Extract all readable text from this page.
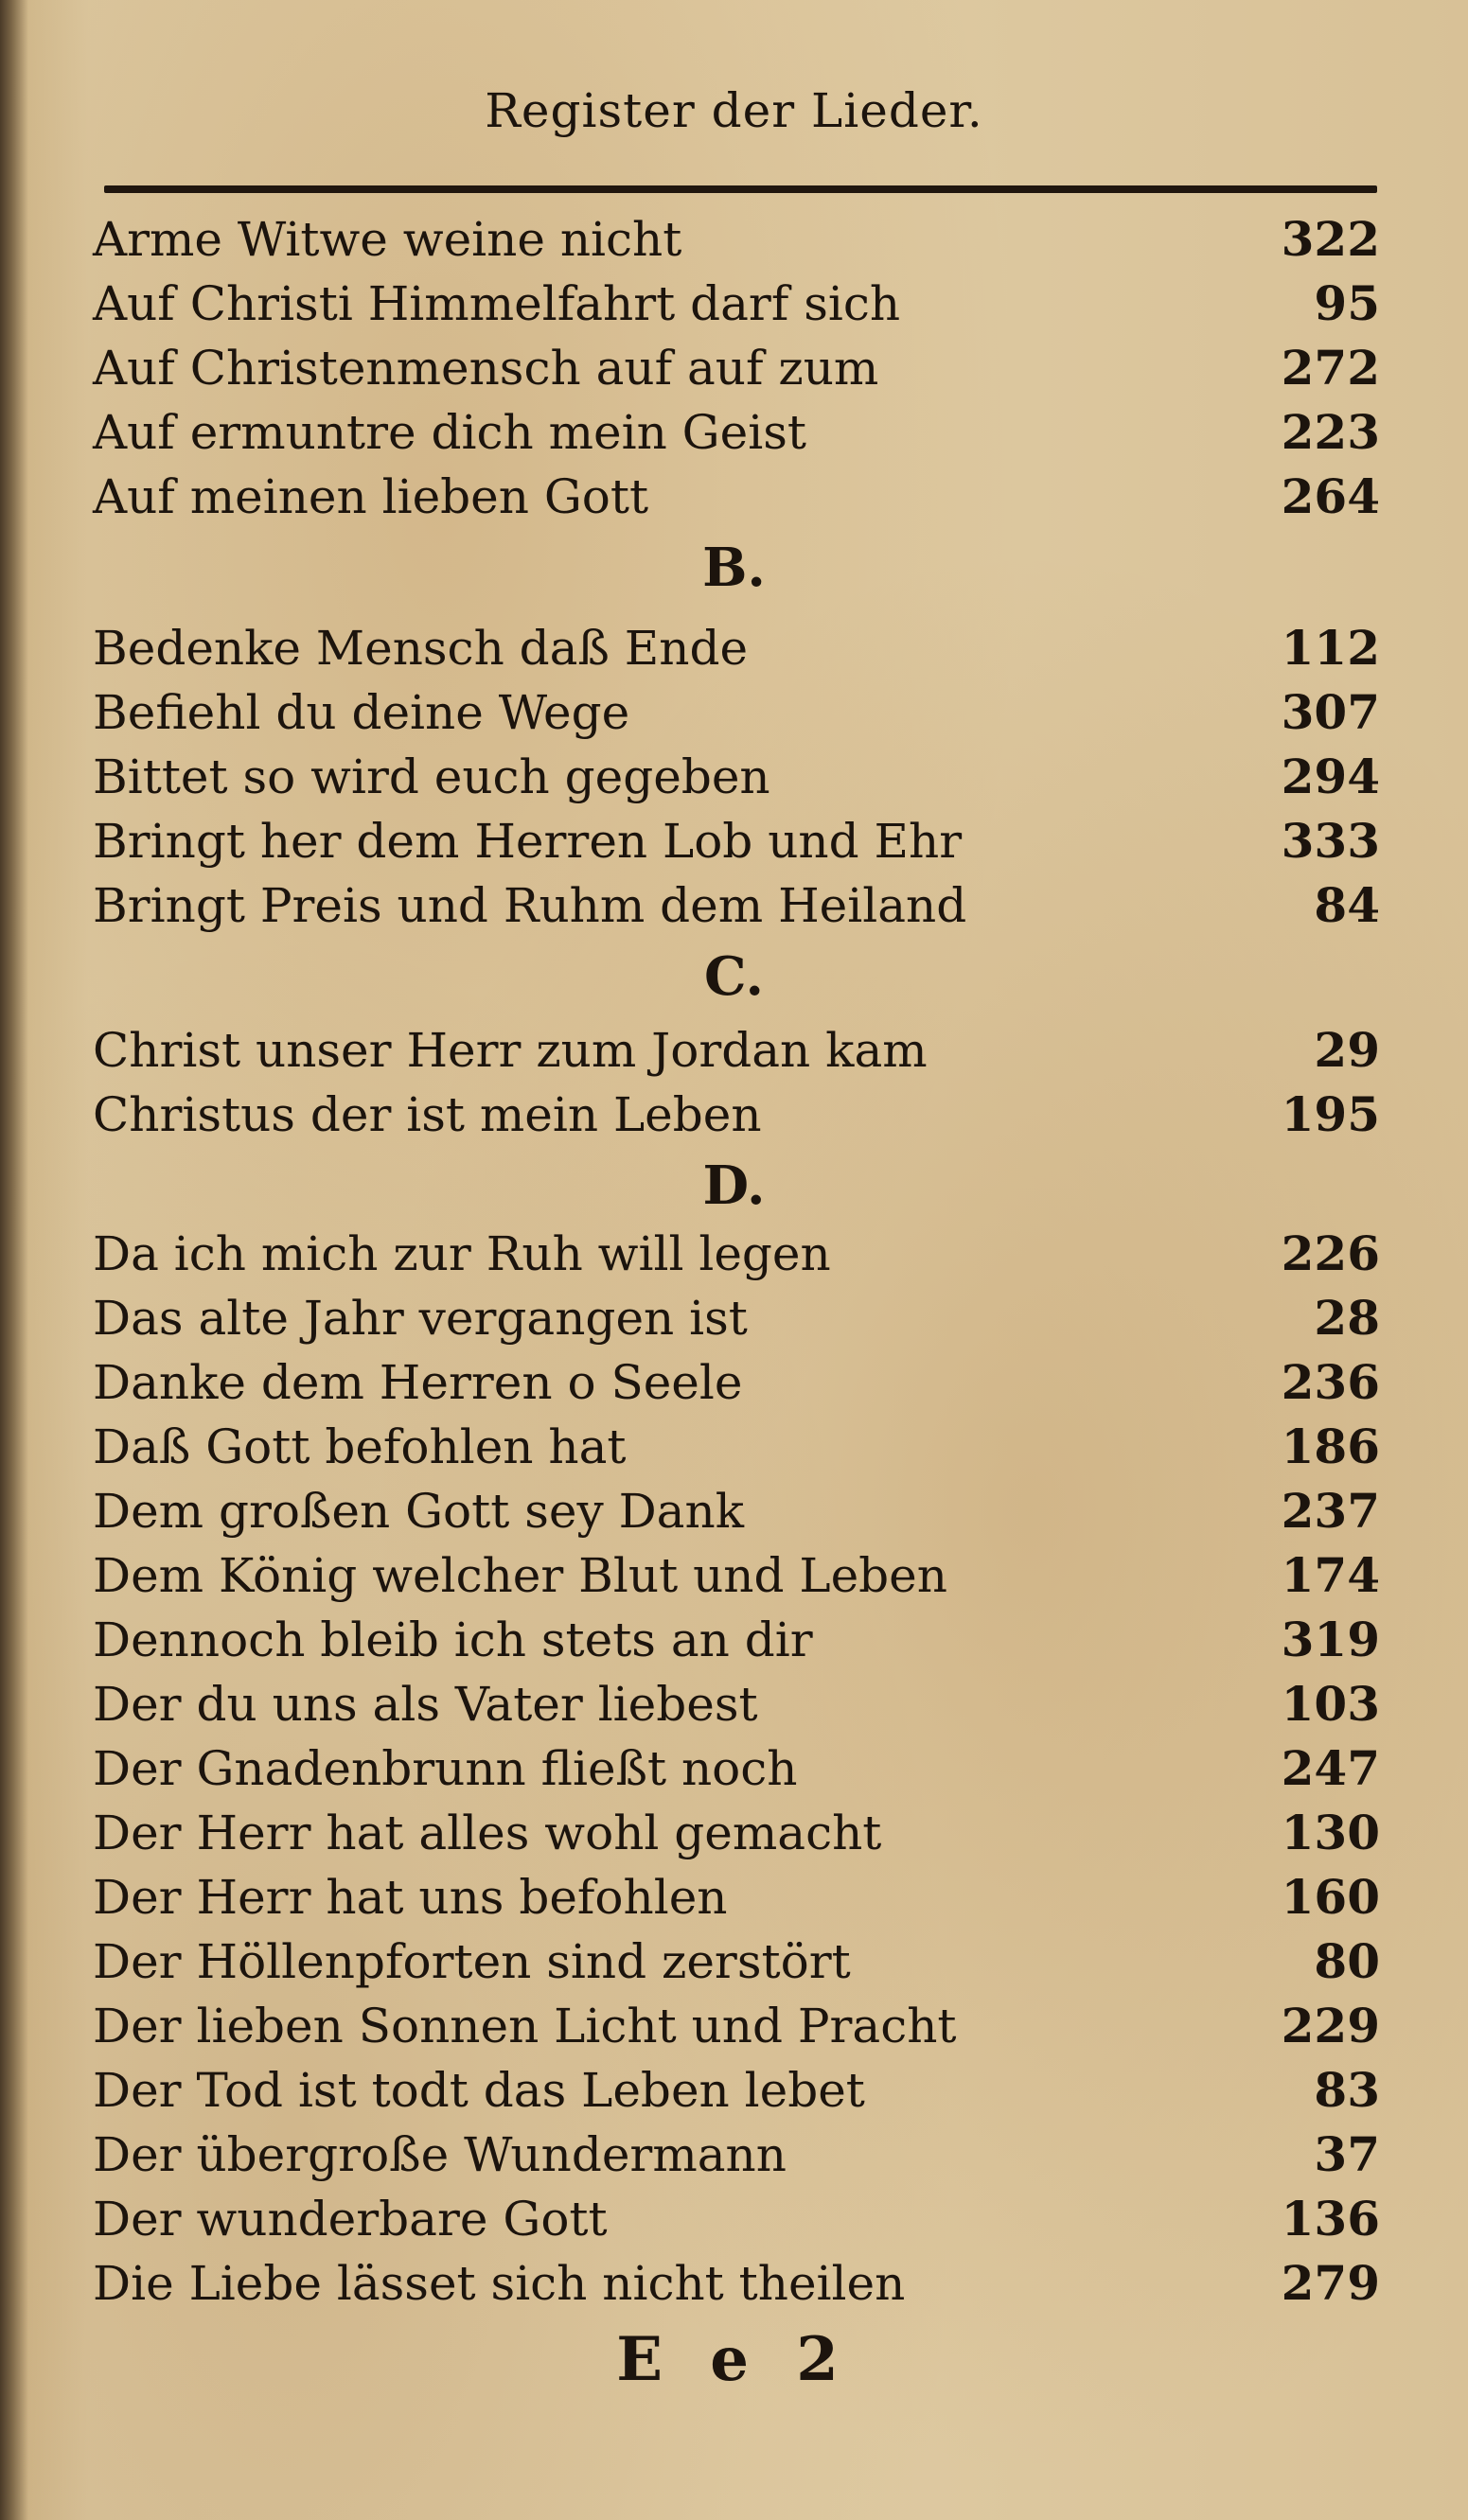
Register der Lieder.
Arme Witwe weine nicht	322
Auf Christi Himmelfahrt darf sich	95
Auf Christenmensch auf auf zum	272
Auf ermuntre dich mein Geist	223
Auf meinen lieben Gott	264
B.
Bedenke Mensch daß Ende	112
Befiehl du deine Wege	307
Bittet so wird euch gegeben	294
Bringt her dem Herren Lob und Ehr	333
Bringt Preis und Ruhm dem Heiland	84
C.
Christ unser Herr zum Jordan kam	29
Christus der ist mein Leben	195
D.
Da ich mich zur Ruh will legen	226
Das alte Jahr vergangen ist	28
Danke dem Herren o Seele	236
Daß Gott befohlen hat	186
Dem großen Gott sey Dank	237
Dem König welcher Blut und Leben	174
Dennoch bleib ich stets an dir	319
Der du uns als Vater liebest	103
Der Gnadenbrunn fließt noch	247
Der Herr hat alles wohl gemacht	130
Der Herr hat uns befohlen	160
Der Höllenpforten sind zerstört	80
Der lieben Sonnen Licht und Pracht	229
Der Tod ist todt das Leben lebet	83
Der übergroße Wundermann	37
Der wunderbare Gott	136
Die Liebe lässet sich nicht theilen	279
E e 2
